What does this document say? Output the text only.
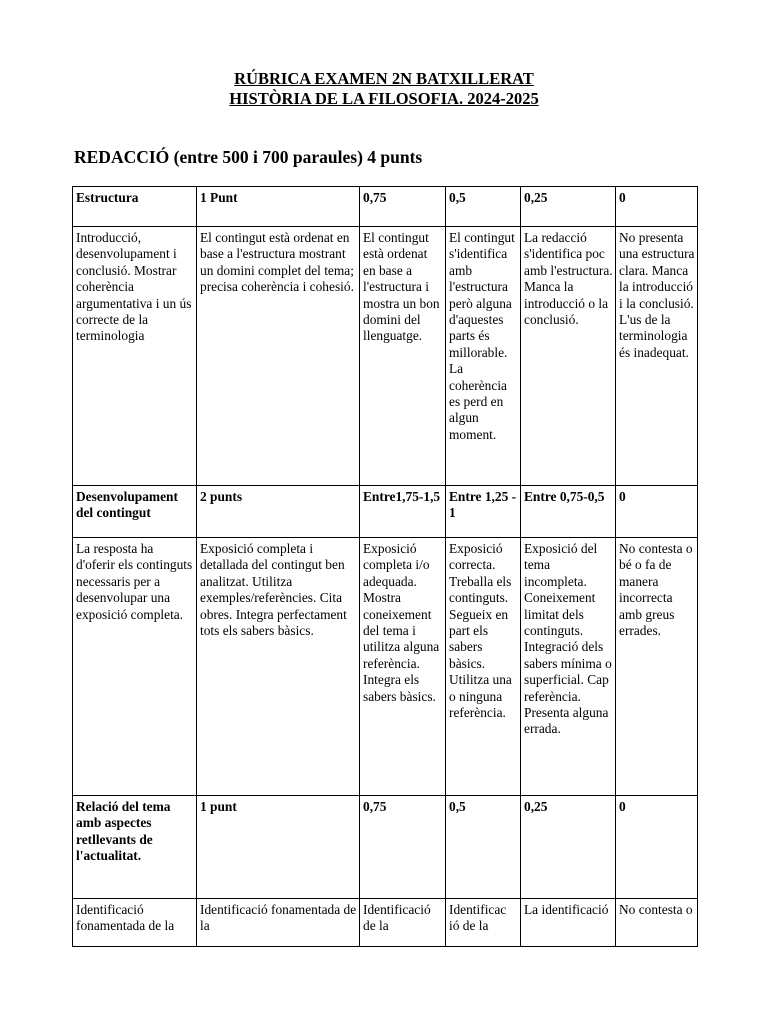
RÚBRICA EXAMEN 2N BATXILLERAT
HISTÒRIA DE LA FILOSOFIA. 2024-2025
REDACCIÓ (entre 500 i 700 paraules) 4 punts
Estructura	1 Punt	0,75	0,5	0,25	0
Introducció, desenvolupament i conclusió. Mostrar coherència argumentativa i un ús correcte de la terminologia	El contingut està ordenat en base a l'estructura mostrant un domini complet del tema; precisa coherència i cohesió.	El contingut està ordenat en base a l'estructura i mostra un bon domini del llenguatge.	El contingut s'identifica amb l'estructura però alguna d'aquestes parts és millorable. La coherència es perd en algun moment.	La redacció s'identifica poc amb l'estructura. Manca la introducció o la conclusió.	No presenta una estructura clara. Manca la introducció i la conclusió. L'us de la terminologia és inadequat.
Desenvolupament del contingut	2 punts	Entre1,75-1,5	Entre 1,25 - 1	Entre 0,75-0,5	0
La resposta ha d'oferir els continguts necessaris per a desenvolupar una exposició completa.	Exposició completa i detallada del contingut ben analitzat. Utilitza exemples/referències. Cita obres. Integra perfectament tots els sabers bàsics.	Exposició completa i/o adequada. Mostra coneixement del tema i utilitza alguna referència. Integra els sabers bàsics.	Exposició correcta. Treballa els continguts. Segueix en part els sabers bàsics. Utilitza una o ninguna referència.	Exposició del tema incompleta. Coneixement limitat dels continguts. Integració dels sabers mínima o superficial. Cap referència. Presenta alguna errada.	No contesta o bé o fa de manera incorrecta amb greus errades.
Relació del tema amb aspectes retllevants de l'actualitat.	1 punt	0,75	0,5	0,25	0
Identificació fonamentada de la	Identificació fonamentada de la	Identificació de la	Identificac ió de la	La identificació	No contesta o
